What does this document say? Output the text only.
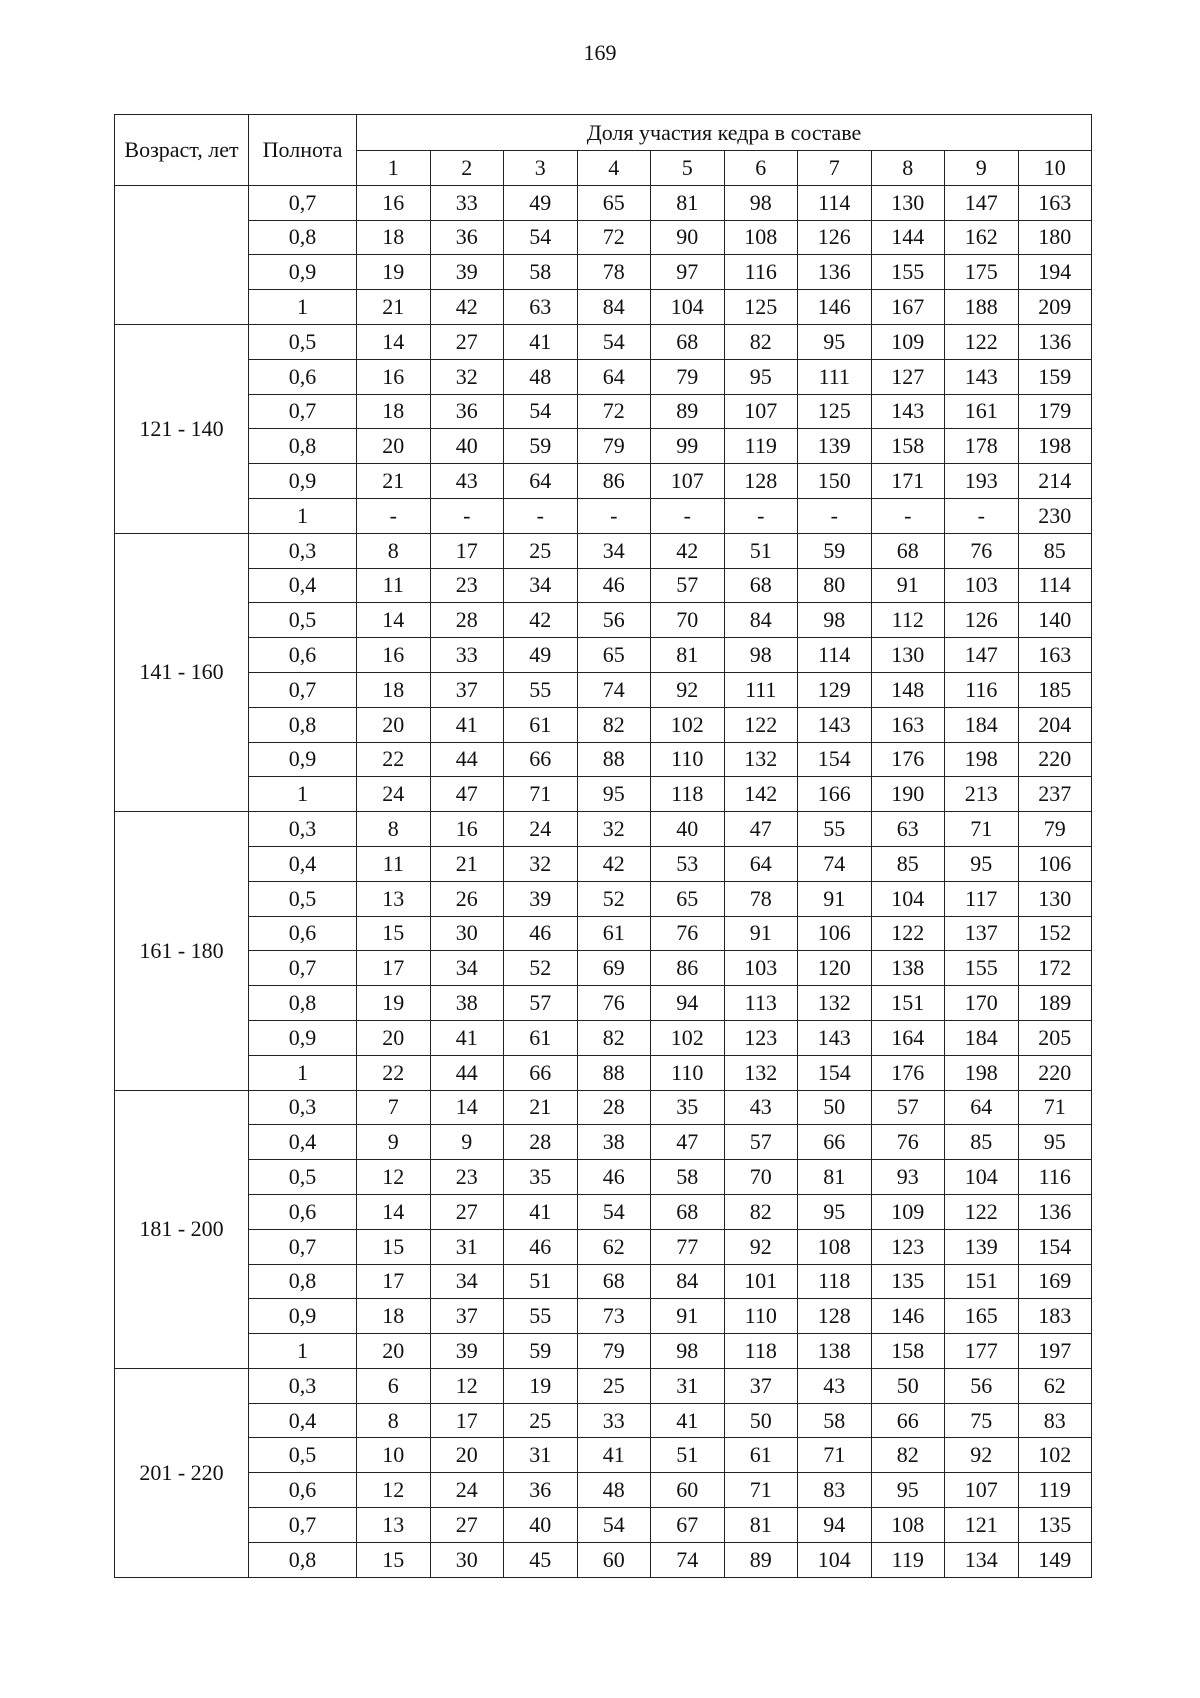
169
Возраст, лет	Полнота	Доля участия кедра в составе									
		1	2	3	4	5	6	7	8	9	10
	0,7	16	33	49	65	81	98	114	130	147	163
	0,8	18	36	54	72	90	108	126	144	162	180
	0,9	19	39	58	78	97	116	136	155	175	194
	1	21	42	63	84	104	125	146	167	188	209
121 - 140	0,5	14	27	41	54	68	82	95	109	122	136
	0,6	16	32	48	64	79	95	111	127	143	159
	0,7	18	36	54	72	89	107	125	143	161	179
	0,8	20	40	59	79	99	119	139	158	178	198
	0,9	21	43	64	86	107	128	150	171	193	214
	1	-	-	-	-	-	-	-	-	-	230
141 - 160	0,3	8	17	25	34	42	51	59	68	76	85
	0,4	11	23	34	46	57	68	80	91	103	114
	0,5	14	28	42	56	70	84	98	112	126	140
	0,6	16	33	49	65	81	98	114	130	147	163
	0,7	18	37	55	74	92	111	129	148	116	185
	0,8	20	41	61	82	102	122	143	163	184	204
	0,9	22	44	66	88	110	132	154	176	198	220
	1	24	47	71	95	118	142	166	190	213	237
161 - 180	0,3	8	16	24	32	40	47	55	63	71	79
	0,4	11	21	32	42	53	64	74	85	95	106
	0,5	13	26	39	52	65	78	91	104	117	130
	0,6	15	30	46	61	76	91	106	122	137	152
	0,7	17	34	52	69	86	103	120	138	155	172
	0,8	19	38	57	76	94	113	132	151	170	189
	0,9	20	41	61	82	102	123	143	164	184	205
	1	22	44	66	88	110	132	154	176	198	220
181 - 200	0,3	7	14	21	28	35	43	50	57	64	71
	0,4	9	9	28	38	47	57	66	76	85	95
	0,5	12	23	35	46	58	70	81	93	104	116
	0,6	14	27	41	54	68	82	95	109	122	136
	0,7	15	31	46	62	77	92	108	123	139	154
	0,8	17	34	51	68	84	101	118	135	151	169
	0,9	18	37	55	73	91	110	128	146	165	183
	1	20	39	59	79	98	118	138	158	177	197
201 - 220	0,3	6	12	19	25	31	37	43	50	56	62
	0,4	8	17	25	33	41	50	58	66	75	83
	0,5	10	20	31	41	51	61	71	82	92	102
	0,6	12	24	36	48	60	71	83	95	107	119
	0,7	13	27	40	54	67	81	94	108	121	135
	0,8	15	30	45	60	74	89	104	119	134	149
